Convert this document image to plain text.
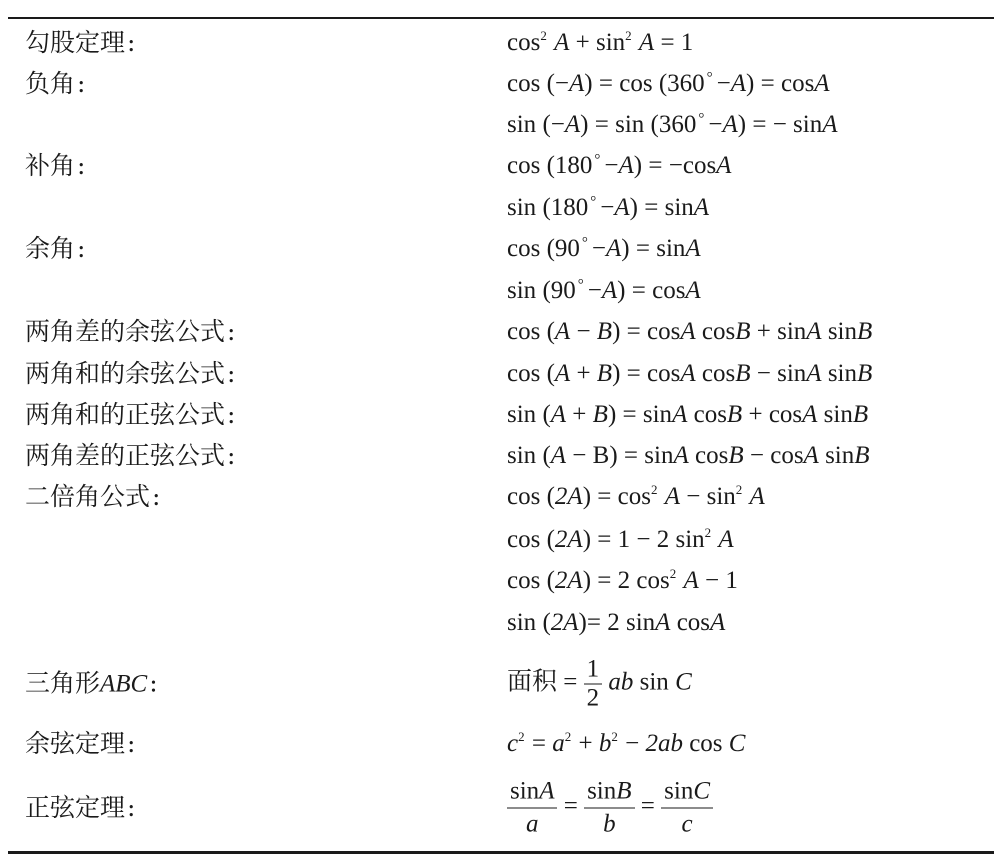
勾股定理:
负角:
补角:
余角:
两角差的余弦公式:
两角和的余弦公式:
两角和的正弦公式:
两角差的正弦公式:
二倍角公式:
三角形ABC:
余弦定理:
正弦定理:
$\cos^2 A + \sin^2 A = 1$
cos (−A) = cos (360 ° −A) = cosA
sin (−A) = sin (360 ° −A) = − sinA
cos (180 ° −A) = −cosA
sin (180 ° −A) = sinA
cos (90 ° −A) = sinA
sin (90 ° −A) = cosA
cos (A − B) = cosA cosB + sinA sinB
cos (A + B) = cosA cosB − sinA sinB
sin (A + B) = sinA cosB + cosA sinB
sin (A − B) = sinA cosB − cosA sinB
$\cos (2A) = \cos^2 A - \sin^2 A$
cos (2A) = 1 − 2 $\sin^2 A$
cos (2A) = 2 $\cos^2 A - 1$
sin (2A)= 2 sinA cosA
面积 = $\frac{1}{2}$ ab sin C
$c^2 = a^2 + b^2 - 2ab$ cos C
$\frac{\sin A}{a} = \frac{\sin B}{b} = \frac{\sin C}{c}$
